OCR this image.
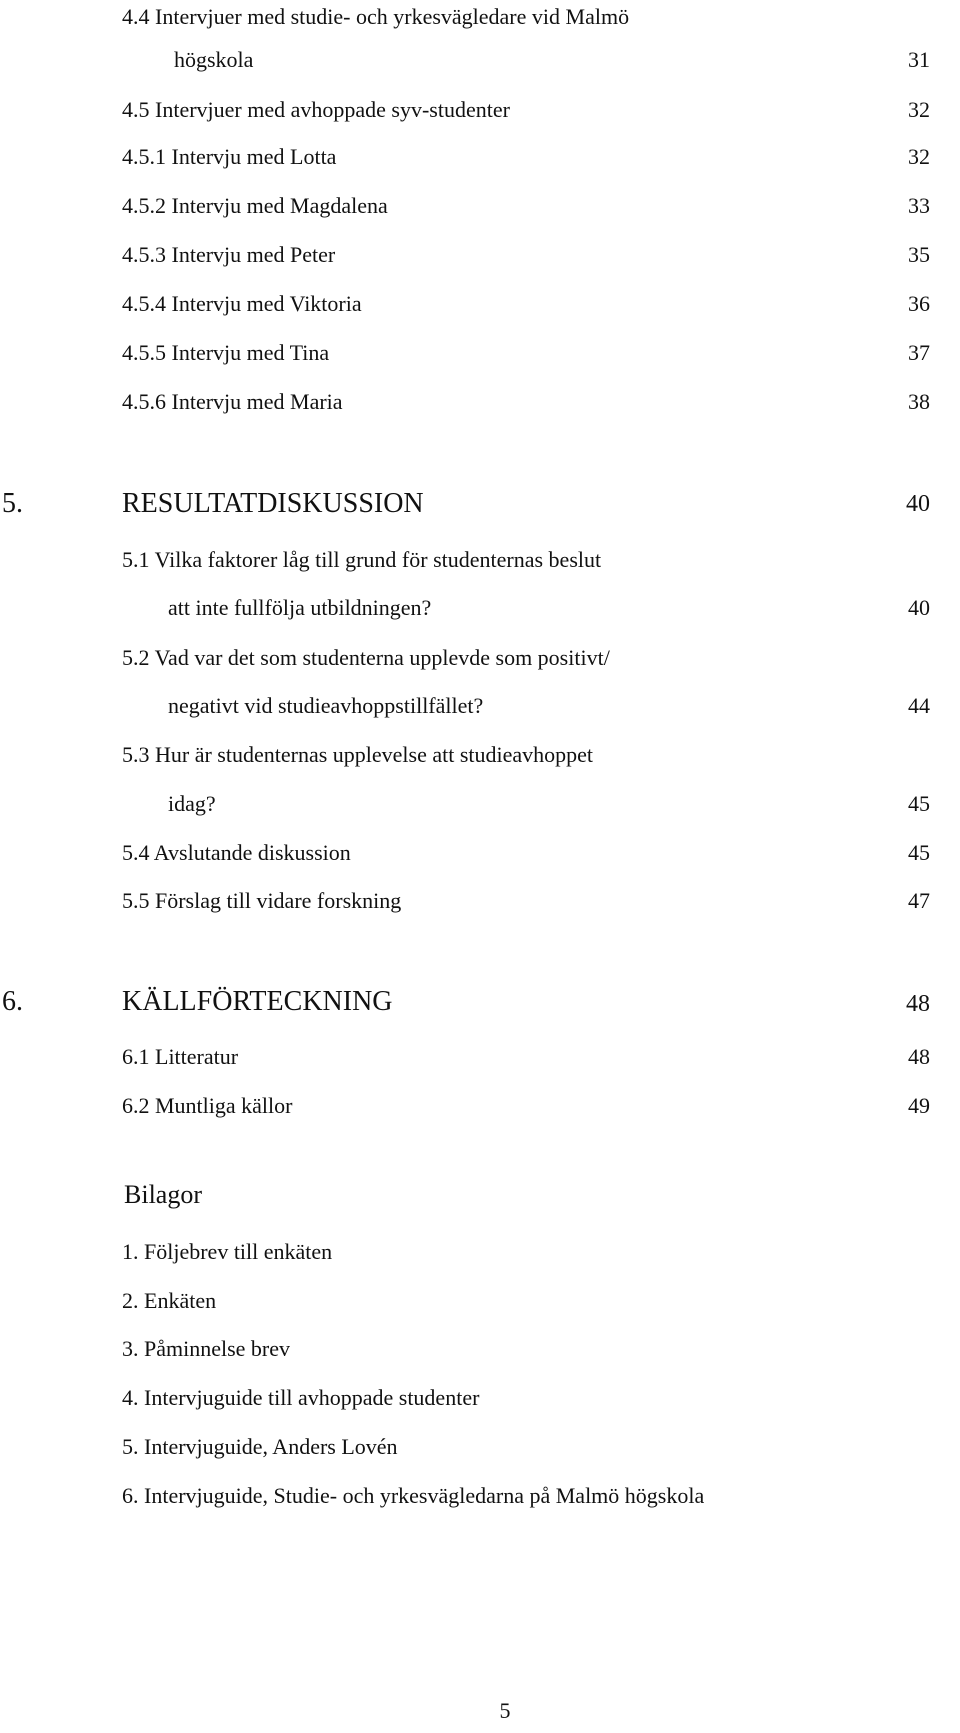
4.4 Intervjuer med studie- och yrkesvägledare vid Malmö
högskola	31
4.5 Intervjuer med avhoppade syv-studenter	32
4.5.1 Intervju med Lotta	32
4.5.2 Intervju med Magdalena	33
4.5.3 Intervju med Peter	35
4.5.4 Intervju med Viktoria	36
4.5.5 Intervju med Tina	37
4.5.6 Intervju med Maria	38
5.	RESULTATDISKUSSION	40
5.1 Vilka faktorer låg till grund för studenternas beslut
att inte fullfölja utbildningen?	40
5.2 Vad var det som studenterna upplevde som positivt/
negativt vid studieavhoppstillfället?	44
5.3 Hur är studenternas upplevelse att studieavhoppet
idag?	45
5.4 Avslutande diskussion	45
5.5 Förslag till vidare forskning	47
6.	KÄLLFÖRTECKNING	48
6.1 Litteratur	48
6.2 Muntliga källor	49
Bilagor
1. Följebrev till enkäten
2. Enkäten
3. Påminnelse brev
4. Intervjuguide till avhoppade studenter
5. Intervjuguide, Anders Lovén
6. Intervjuguide, Studie- och yrkesvägledarna på Malmö högskola
5
